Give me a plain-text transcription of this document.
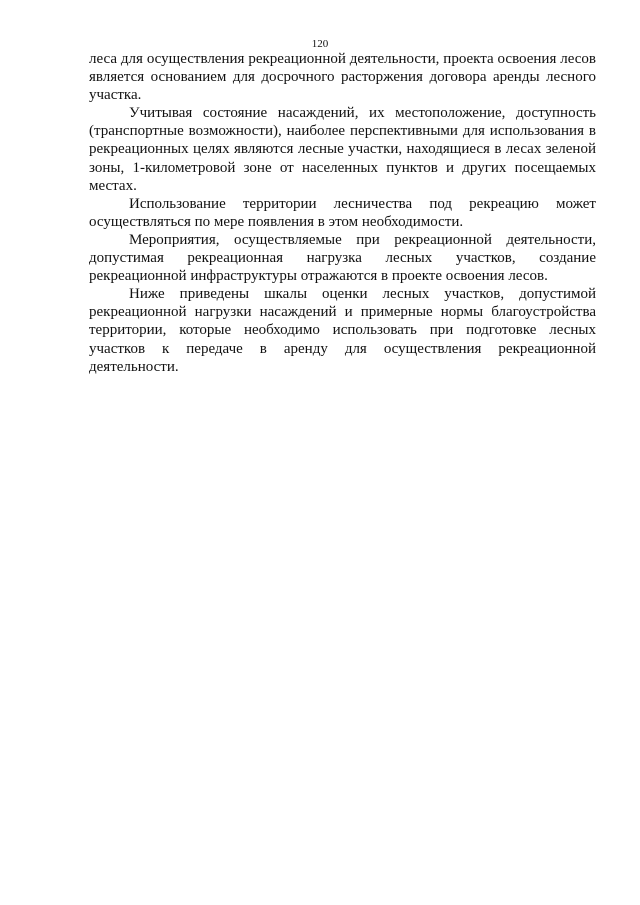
120

леса для осуществления рекреационной деятельности, проекта освоения лесов является основанием для досрочного расторжения договора аренды лесного участка.

Учитывая состояние насаждений, их местоположение, доступность (транспортные возможности), наиболее перспективными для использования в рекреационных целях являются лесные участки, находящиеся в лесах зеленой зоны, 1-километровой зоне от населенных пунктов и других посещаемых местах.

Использование территории лесничества под рекреацию может осуществляться по мере появления в этом необходимости.

Мероприятия, осуществляемые при рекреационной деятельности, допустимая рекреационная нагрузка лесных участков, создание рекреационной инфраструктуры отражаются в проекте освоения лесов.

Ниже приведены шкалы оценки лесных участков, допустимой рекреационной нагрузки насаждений и примерные нормы благоустройства территории, которые необходимо использовать при подготовке лесных участков к передаче в аренду для осуществления рекреационной деятельности.
